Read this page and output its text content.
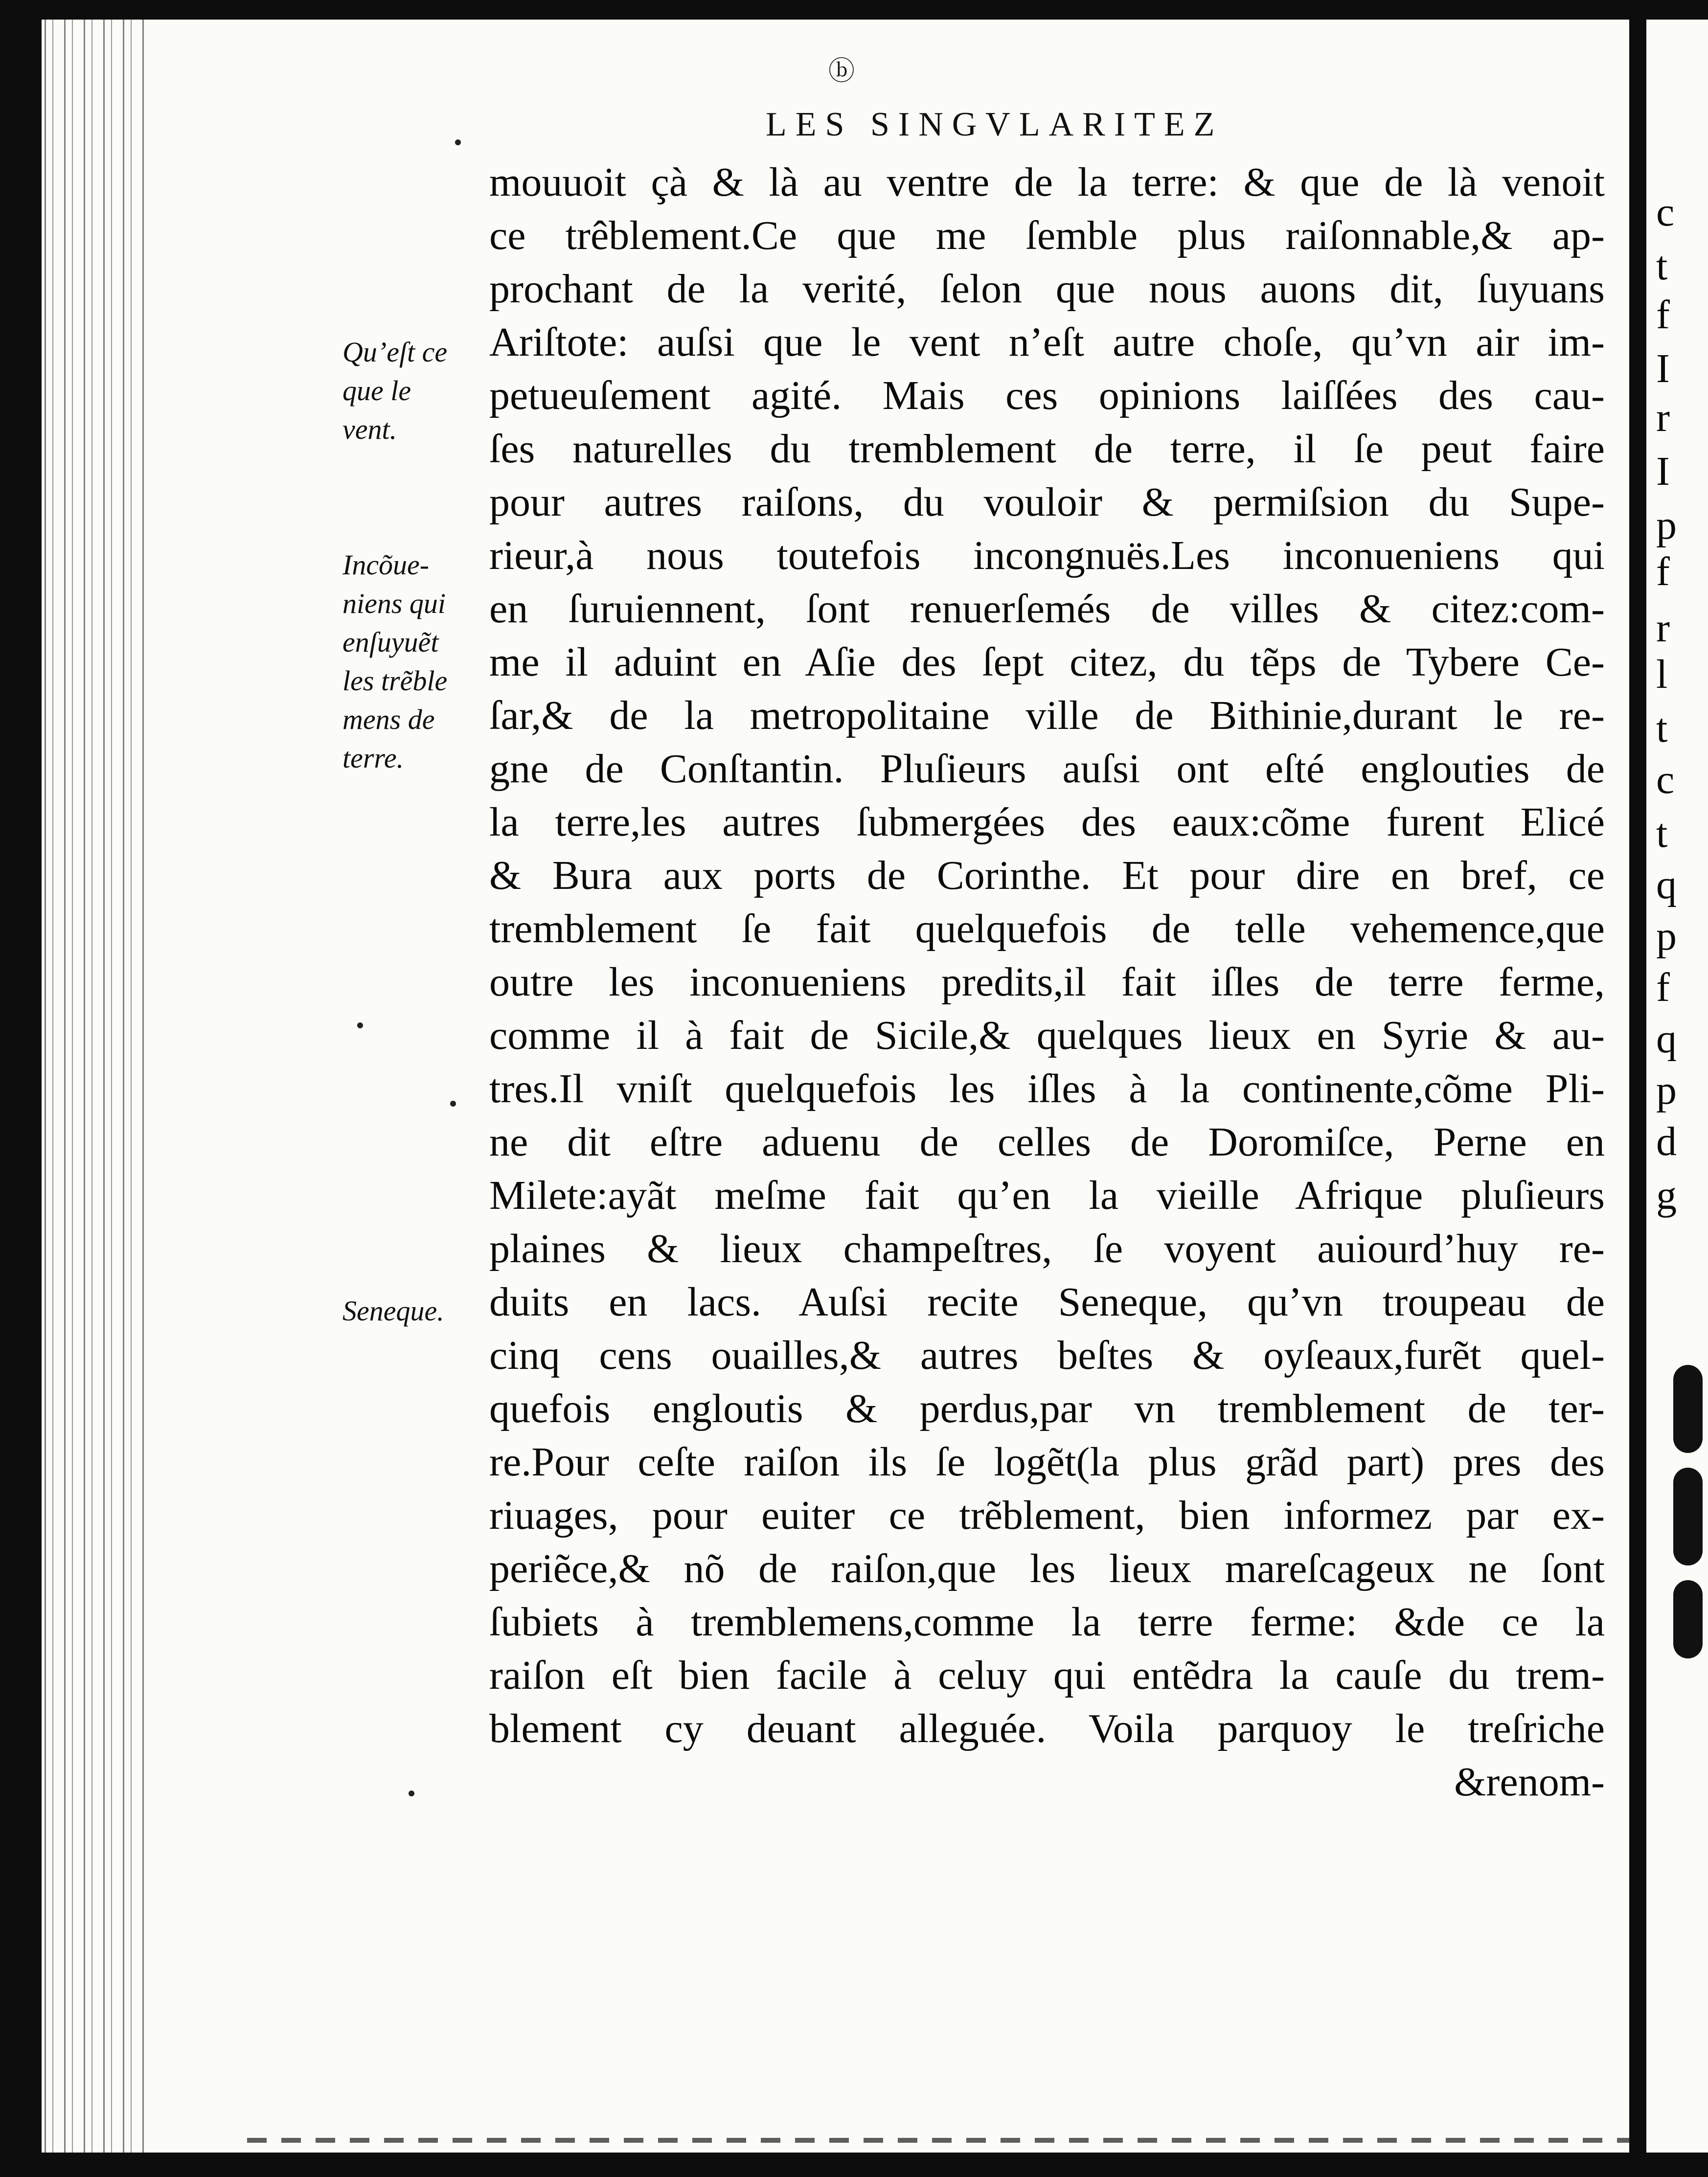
ⓑ
LES SINGVLARITEZ
mouuoit çà & là au ventre de la terre: & que de là venoit
ce trêblement.Ce que me ſemble plus raiſonnable,& ap-
prochant de la verité, ſelon que nous auons dit, ſuyuans
Ariſtote: auſsi que le vent n’eſt autre choſe, qu’vn air im-
petueuſement agité. Mais ces opinions laiſſées des cau-
ſes naturelles du tremblement de terre, il ſe peut faire
pour autres raiſons, du vouloir & permiſsion du Supe-
rieur,à nous toutefois incongnuës.Les inconueniens qui
en ſuruiennent, ſont renuerſemés de villes & citez:com-
me il aduint en Aſie des ſept citez, du tẽps de Tybere Ce-
ſar,& de la metropolitaine ville de Bithinie,durant le re-
gne de Conſtantin. Pluſieurs auſsi ont eſté englouties de
la terre,les autres ſubmergées des eaux:cõme furent Elicé
& Bura aux ports de Corinthe. Et pour dire en bref, ce
tremblement ſe fait quelquefois de telle vehemence,que
outre les inconueniens predits,il fait iſles de terre ferme,
comme il à fait de Sicile,& quelques lieux en Syrie & au-
tres.Il vniſt quelquefois les iſles à la continente,cõme Pli-
ne dit eſtre aduenu de celles de Doromiſce, Perne en
Milete:ayãt meſme fait qu’en la vieille Afrique pluſieurs
plaines & lieux champeſtres, ſe voyent auiourd’huy re-
duits en lacs. Auſsi recite Seneque, qu’vn troupeau de
cinq cens ouailles,& autres beſtes & oyſeaux,furẽt quel-
quefois engloutis & perdus,par vn tremblement de ter-
re.Pour ceſte raiſon ils ſe logẽt(la plus grãd part) pres des
riuages, pour euiter ce trẽblement, bien informez par ex-
periẽce,& nõ de raiſon,que les lieux mareſcageux ne ſont
ſubiets à tremblemens,comme la terre ferme: &de ce la
raiſon eſt bien facile à celuy qui entẽdra la cauſe du trem-
blement cy deuant alleguée. Voila parquoy le treſriche
&renom-
Qu’eſt ce
que le
vent.
Incõue-
niens qui
enſuyuẽt
les trẽble
mens de
terre.
Seneque.
c
t
f
I
r
I
p
f
r
l
t
c
t
q
p
f
q
p
d
g
